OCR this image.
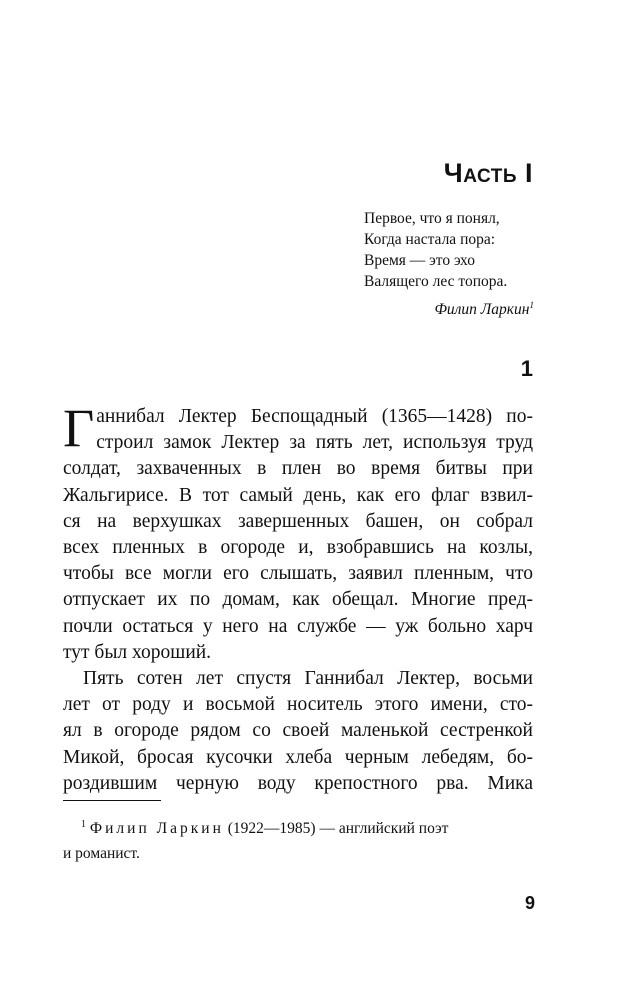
Часть I
Первое, что я понял,
Когда настала пора:
Время — это эхо
Валящего лес топора.
Филип Ларкин$^1$
1
Г аннибал Лектер Беспощадный (1365—1428) по-
строил замок Лектер за пять лет, используя труд
солдат, захваченных в плен во время битвы при
Жальгирисе. В тот самый день, как его флаг взвил-
ся на верхушках завершенных башен, он собрал
всех пленных в огороде и, взобравшись на козлы,
чтобы все могли его слышать, заявил пленным, что
отпускает их по домам, как обещал. Многие пред-
почли остаться у него на службе — уж больно харч
тут был хороший.
Пять сотен лет спустя Ганнибал Лектер, восьми
лет от роду и восьмой носитель этого имени, сто-
ял в огороде рядом со своей маленькой сестренкой
Микой, бросая кусочки хлеба черным лебедям, бо-
роздившим черную воду крепостного рва. Мика
$^1$ Филип Ларкин (1922—1985) — английский поэт
и романист.
9
